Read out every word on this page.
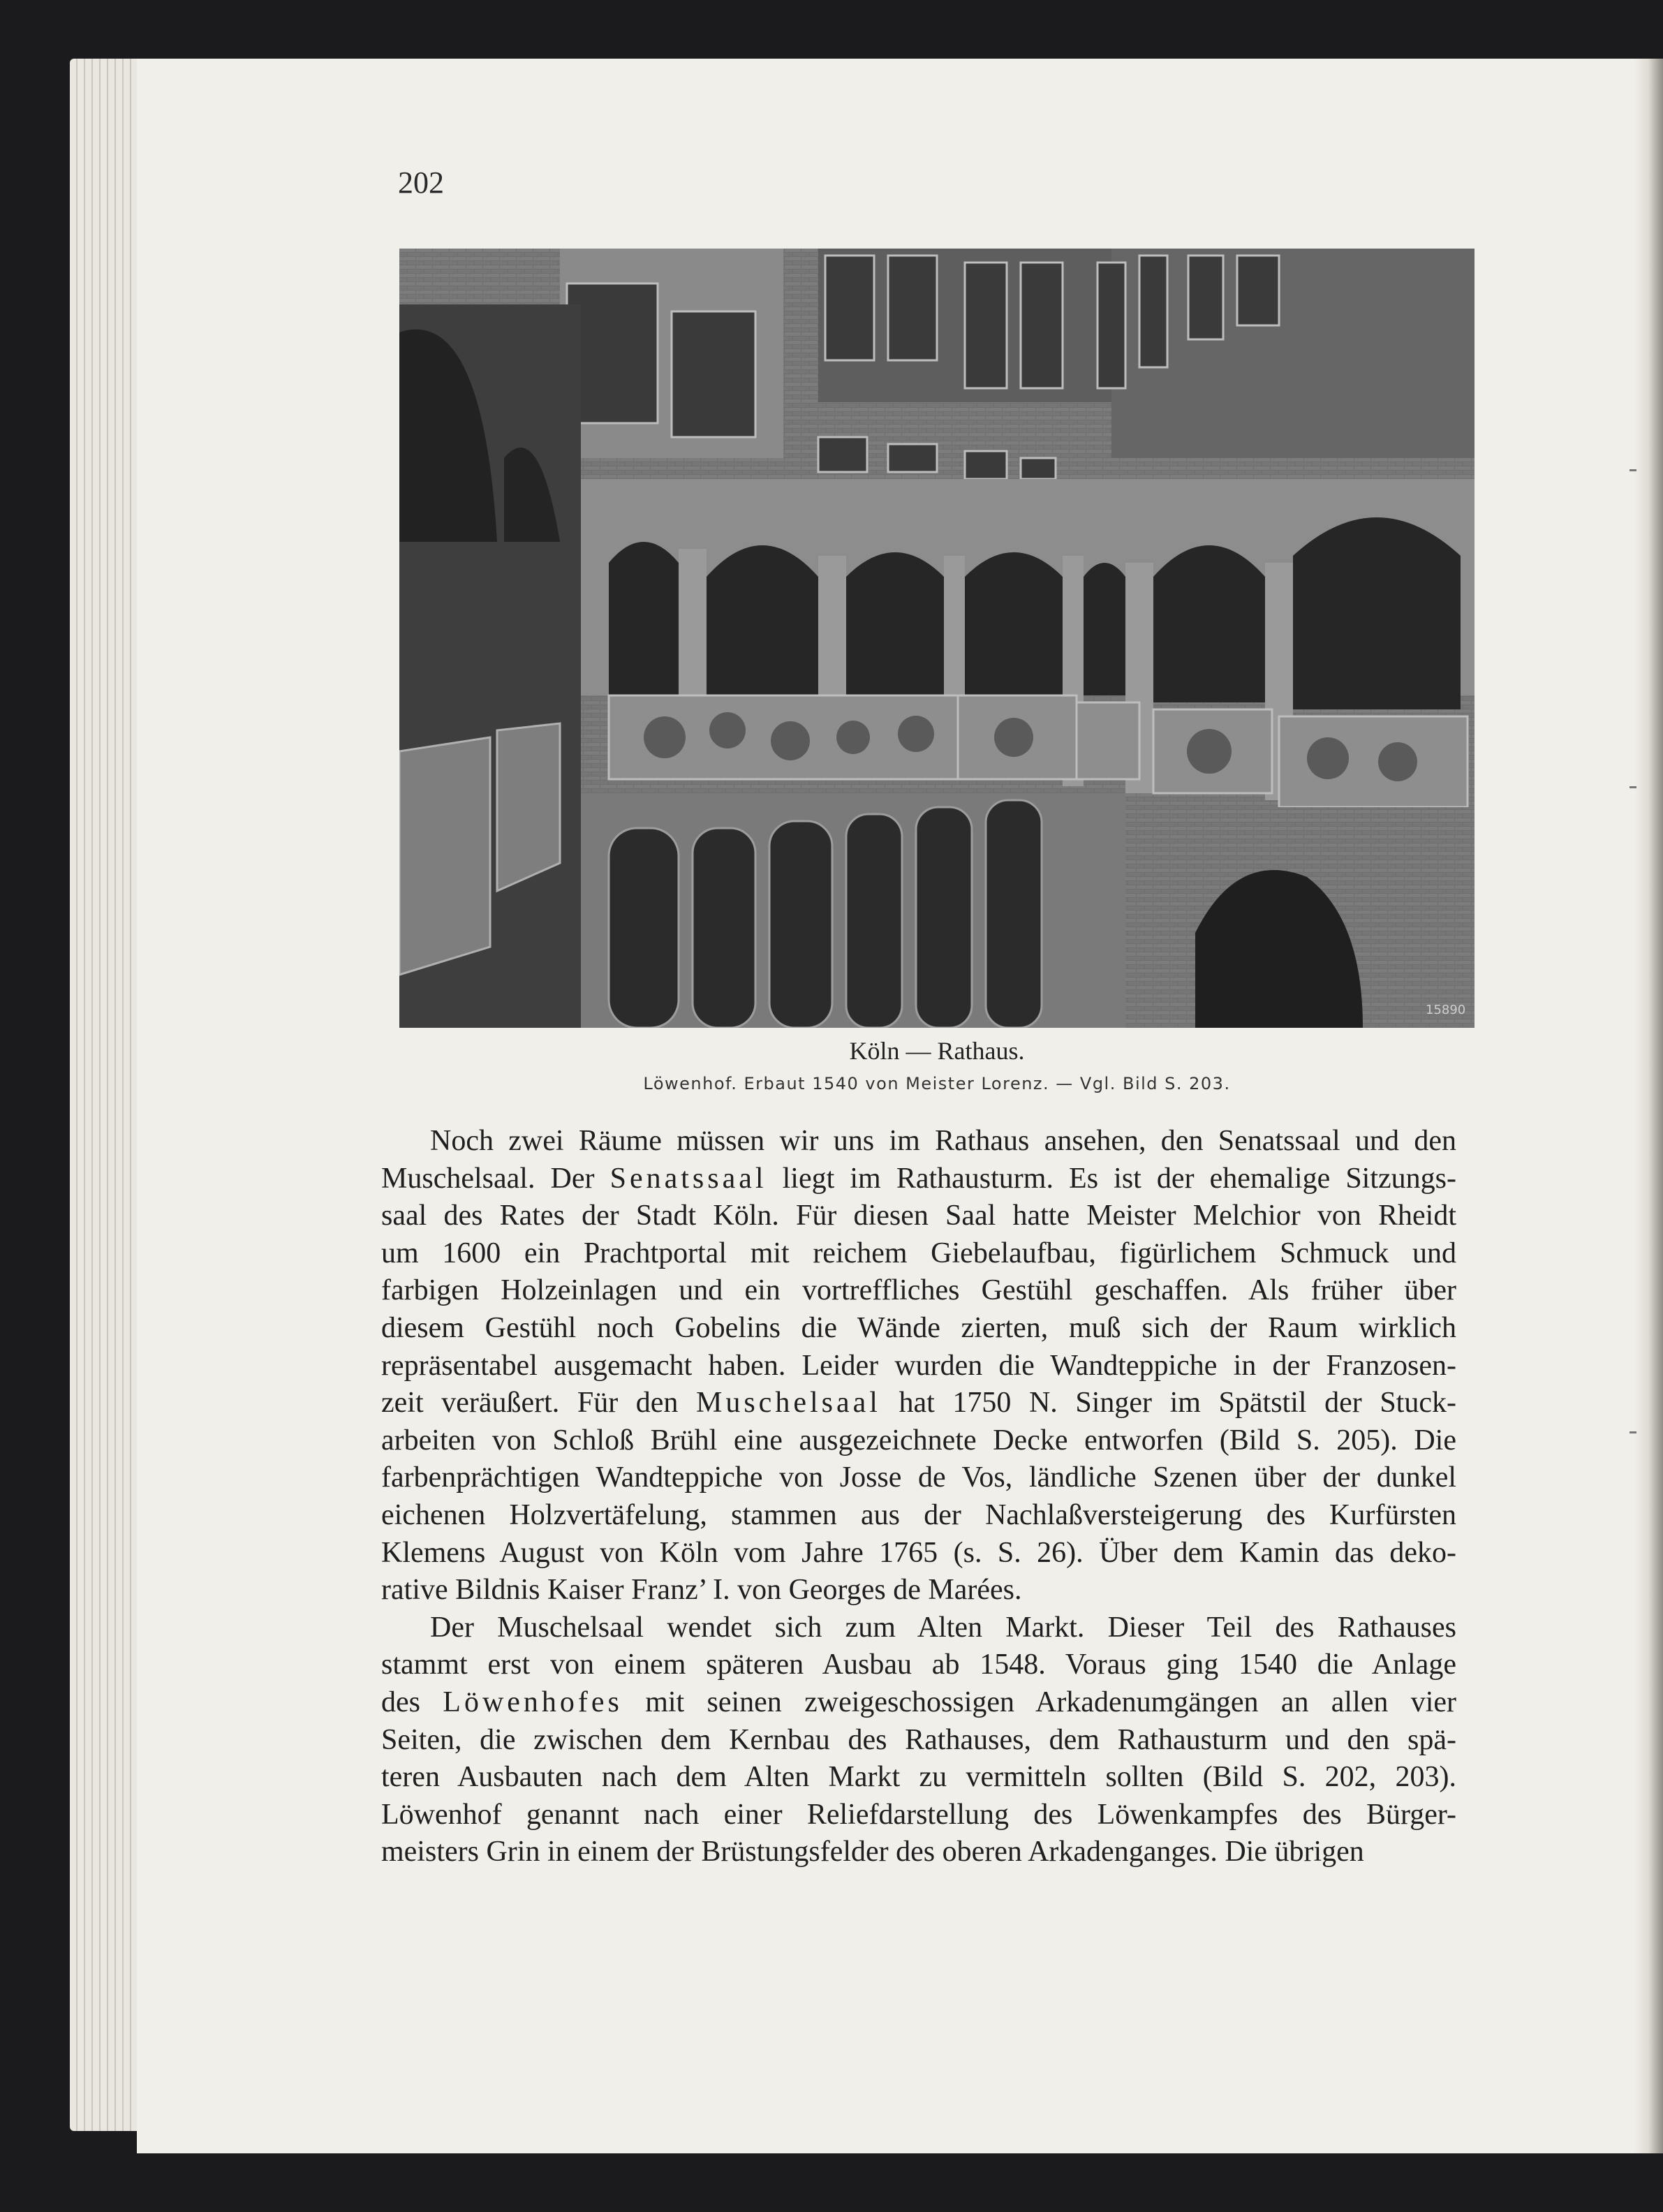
202
15890
Köln — Rathaus.
Löwenhof. Erbaut 1540 von Meister Lorenz. — Vgl. Bild S. 203.
Noch zwei Räume müssen wir uns im Rathaus ansehen, den Senatssaal und den
Muschelsaal. Der Senatssaal liegt im Rathausturm. Es ist der ehemalige Sitzungs-
saal des Rates der Stadt Köln. Für diesen Saal hatte Meister Melchior von Rheidt
um 1600 ein Prachtportal mit reichem Giebelaufbau, figürlichem Schmuck und
farbigen Holzeinlagen und ein vortreffliches Gestühl geschaffen. Als früher über
diesem Gestühl noch Gobelins die Wände zierten, muß sich der Raum wirklich
repräsentabel ausgemacht haben. Leider wurden die Wandteppiche in der Franzosen-
zeit veräußert. Für den Muschelsaal hat 1750 N. Singer im Spätstil der Stuck-
arbeiten von Schloß Brühl eine ausgezeichnete Decke entworfen (Bild S. 205). Die
farbenprächtigen Wandteppiche von Josse de Vos, ländliche Szenen über der dunkel
eichenen Holzvertäfelung, stammen aus der Nachlaßversteigerung des Kurfürsten
Klemens August von Köln vom Jahre 1765 (s. S. 26). Über dem Kamin das deko-
rative Bildnis Kaiser Franz’ I. von Georges de Marées.
Der Muschelsaal wendet sich zum Alten Markt. Dieser Teil des Rathauses
stammt erst von einem späteren Ausbau ab 1548. Voraus ging 1540 die Anlage
des Löwenhofes mit seinen zweigeschossigen Arkadenumgängen an allen vier
Seiten, die zwischen dem Kernbau des Rathauses, dem Rathausturm und den spä-
teren Ausbauten nach dem Alten Markt zu vermitteln sollten (Bild S. 202, 203).
Löwenhof genannt nach einer Reliefdarstellung des Löwenkampfes des Bürger-
meisters Grin in einem der Brüstungsfelder des oberen Arkadenganges. Die übrigen
